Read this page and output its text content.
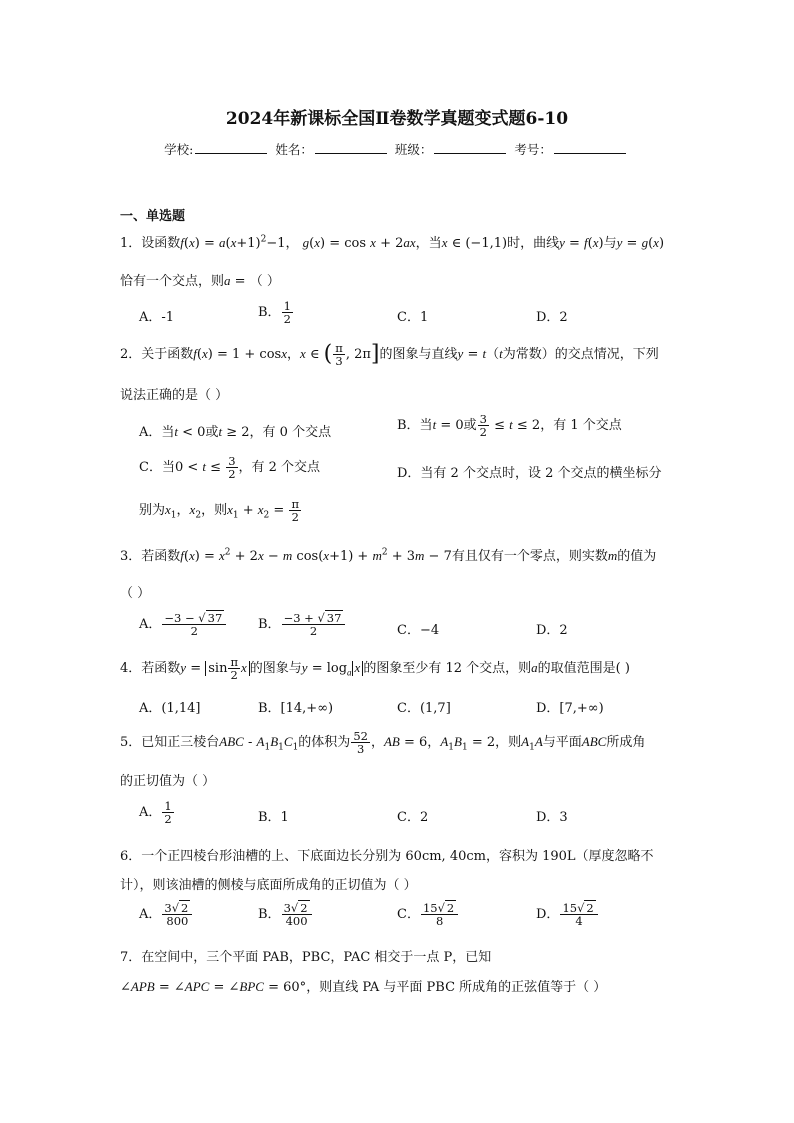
2024年新课标全国Ⅱ卷数学真题变式题6-10
学校:	姓名：	班级：	考号：
一、单选题
1．设函数$f(x) = a(x+1)^2-1$， g(x) = cos x + 2ax，当x ∈ (−1,1)时，曲线y = f(x)与y = g(x)
恰有一个交点，则a = （ ）
A．-1	B． $\frac{1}{2}$	C．1	D．2
2．关于函数f(x) = 1 + cosx，x ∈ ( $\frac{\pi}{3}$ , 2π]的图象与直线y = t（t为常数）的交点情况，下列
说法正确的是（ ）
A．当t < 0或t ≥ 2，有 0 个交点	B．当t = 0或 $\frac{3}{2} \le t \le 2$，有 1 个交点
C．当$0 < t \le \frac{3}{2}$ ，有 2 个交点	D．当有 2 个交点时，设 2 个交点的横坐标分
别为$x_1$，$x_2$，则$x_1 + x_2 = \frac{\pi}{2}$
3．若函数$f(x) = x^2 + 2x - m$ $\cos(x+1) + m^2 + 3m - 7$有且仅有一个零点，则实数m的值为
（ ）
A． $\frac{-3 - √ 37}{2}$ B． $\frac{-3 + √ 37}{2}$	C．−4	D．2
4．若函数$y = \sin \frac{\pi}{2}$ x 的图象与$y = \log_a x$ 的图象至少有 12 个交点，则a的取值范围是( )
A．(1,14]	B．[14,+∞)	C．(1,7]	D．[7,+∞)
5．已知正三棱台ABC - $A_1B_1C_1$的体积为 $\frac{52}{3}$ ，AB = 6，$A_1B_1 = 2$，则$A_1A$与平面ABC所成角
的正切值为（ ）
A． $\frac{1}{2}$	B．1	C．2	D．3
6．一个正四棱台形油槽的上、下底面边长分别为 60cm, 40cm，容积为 190L（厚度忽略不
计），则该油槽的侧棱与底面所成角的正切值为（ ）
A． $\frac{3√ 2}{800}$	B． $\frac{3√ 2}{400}$	C． $\frac{15√ 2}{8}$	D． $\frac{15√ 2}{4}$
7．在空间中，三个平面 PAB，PBC，PAC 相交于一点 P，已知
∠APB = ∠APC = ∠BPC = 60°，则直线 PA 与平面 PBC 所成角的正弦值等于（ ）
